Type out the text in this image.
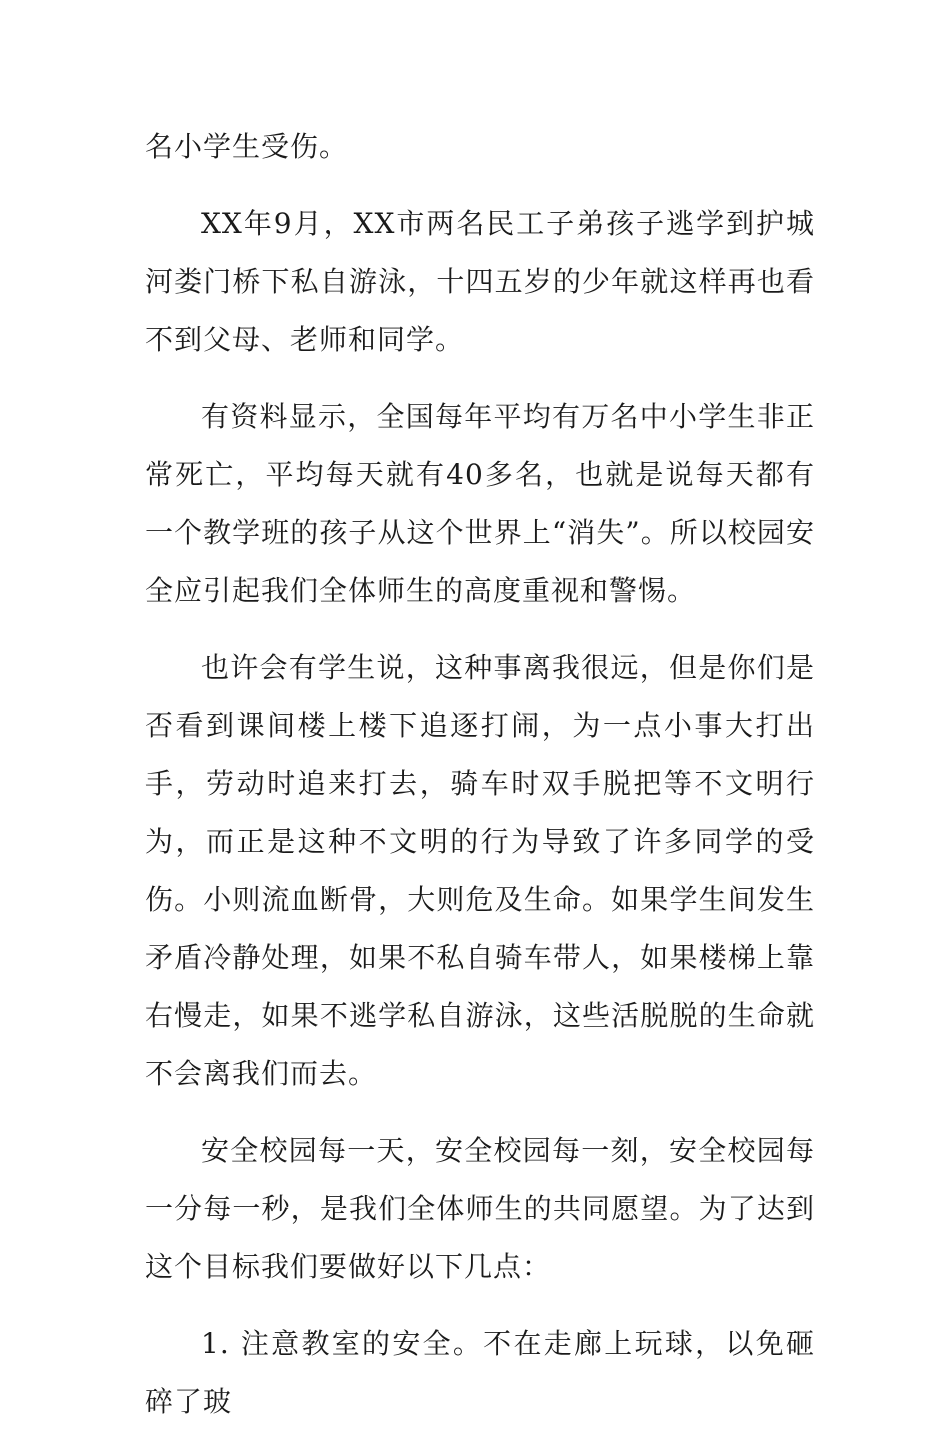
名小学生受伤。

XX年9月，XX市两名民工子弟孩子逃学到护城河娄门桥下私自游泳，十四五岁的少年就这样再也看不到父母、老师和同学。

有资料显示，全国每年平均有万名中小学生非正常死亡，平均每天就有40多名，也就是说每天都有一个教学班的孩子从这个世界上“消失”。所以校园安全应引起我们全体师生的高度重视和警惕。

也许会有学生说，这种事离我很远，但是你们是否看到课间楼上楼下追逐打闹，为一点小事大打出手，劳动时追来打去，骑车时双手脱把等不文明行为，而正是这种不文明的行为导致了许多同学的受伤。小则流血断骨，大则危及生命。如果学生间发生矛盾冷静处理，如果不私自骑车带人，如果楼梯上靠右慢走，如果不逃学私自游泳，这些活脱脱的生命就不会离我们而去。

安全校园每一天，安全校园每一刻，安全校园每一分每一秒，是我们全体师生的共同愿望。为了达到这个目标我们要做好以下几点：

1. 注意教室的安全。不在走廊上玩球，以免砸碎了玻
